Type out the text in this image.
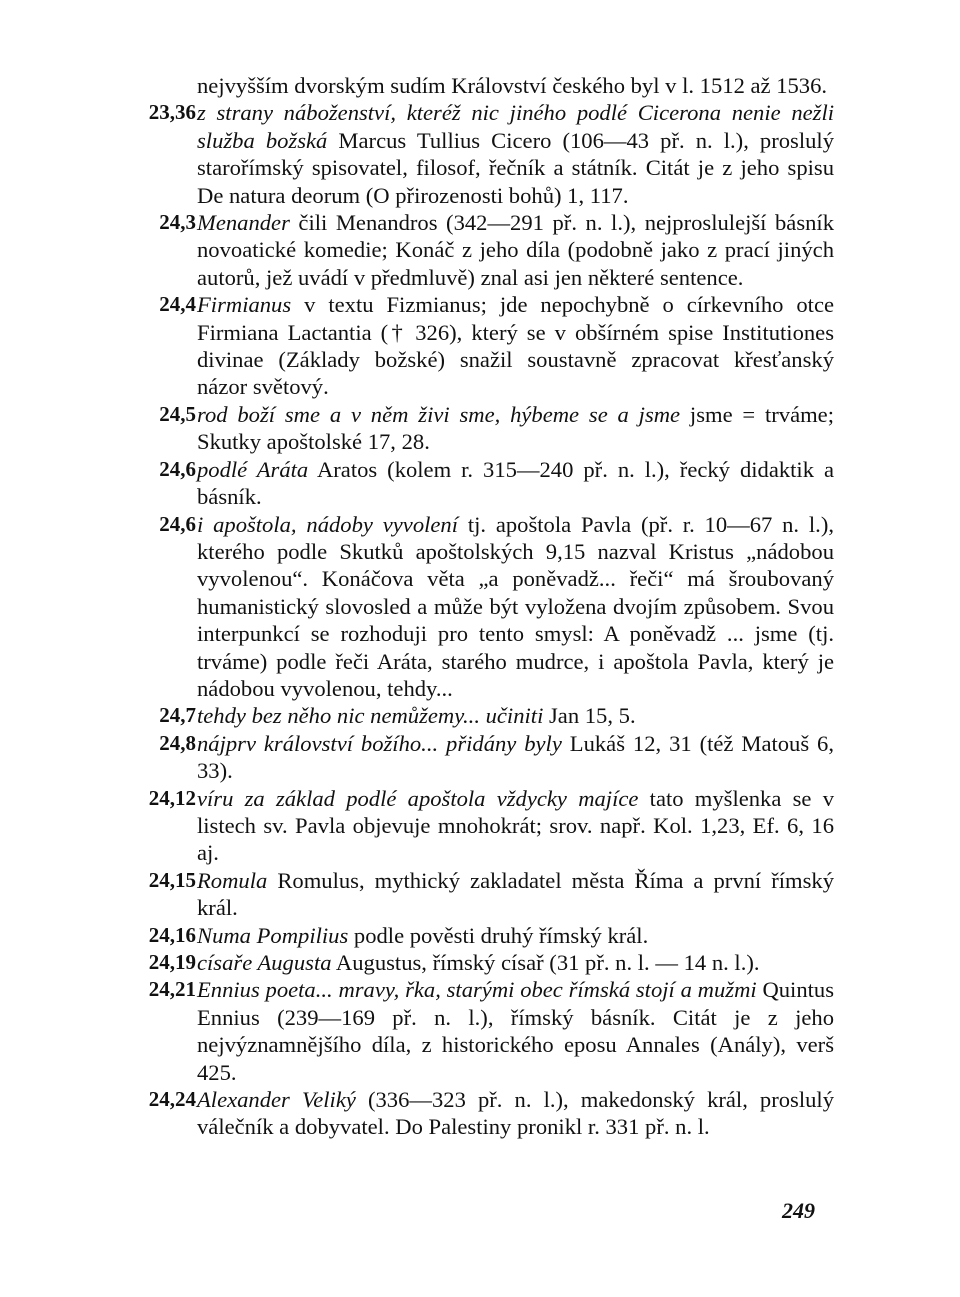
nejvyšším dvorským sudím Království českého byl v l. 1512 až 1536.
23,36 z strany náboženství, kteréž nic jiného podlé Cicerona nenie nežli služba božská Marcus Tullius Cicero (106—43 př. n. l.), proslulý starořímský spisovatel, filosof, řečník a státník. Citát je z jeho spisu De natura deorum (O přirozenosti bohů) 1, 117.
24,3 Menander čili Menandros (342—291 př. n. l.), nejproslulejší básník novoatické komedie; Konáč z jeho díla (podobně jako z prací jiných autorů, jež uvádí v předmluvě) znal asi jen některé sentence.
24,4 Firmianus v textu Fizmianus; jde nepochybně o církevního otce Firmiana Lactantia († 326), který se v obšírném spise Institutiones divinae (Základy božské) snažil soustavně zpracovat křesťanský názor světový.
24,5 rod boží sme a v něm živi sme, hýbeme se a jsme jsme = trváme; Skutky apoštolské 17, 28.
24,6 podlé Aráta Aratos (kolem r. 315—240 př. n. l.), řecký didaktik a básník.
24,6 i apoštola, nádoby vyvolení tj. apoštola Pavla (př. r. 10—67 n. l.), kterého podle Skutků apoštolských 9,15 nazval Kristus „nádobou vyvolenou“. Konáčova věta „a poněvadž... řeči“ má šroubovaný humanistický slovosled a může být vyložena dvojím způsobem. Svou interpunkcí se rozhoduji pro tento smysl: A poněvadž ... jsme (tj. trváme) podle řeči Aráta, starého mudrce, i apoštola Pavla, který je nádobou vyvolenou, tehdy...
24,7 tehdy bez něho nic nemůžemy... učiniti Jan 15, 5.
24,8 nájprv království božího... přidány byly Lukáš 12, 31 (též Matouš 6, 33).
24,12 víru za základ podlé apoštola vždycky majíce tato myšlenka se v listech sv. Pavla objevuje mnohokrát; srov. např. Kol. 1,23, Ef. 6, 16 aj.
24,15 Romula Romulus, mythický zakladatel města Říma a první římský král.
24,16 Numa Pompilius podle pověsti druhý římský král.
24,19 císaře Augusta Augustus, římský císař (31 př. n. l. — 14 n. l.).
24,21 Ennius poeta... mravy, řka, starými obec římská stojí a mužmi Quintus Ennius (239—169 př. n. l.), římský básník. Citát je z jeho nejvýznamnějšího díla, z historického eposu Annales (Anály), verš 425.
24,24 Alexander Veliký (336—323 př. n. l.), makedonský král, proslulý válečník a dobyvatel. Do Palestiny pronikl r. 331 př. n. l.
249
